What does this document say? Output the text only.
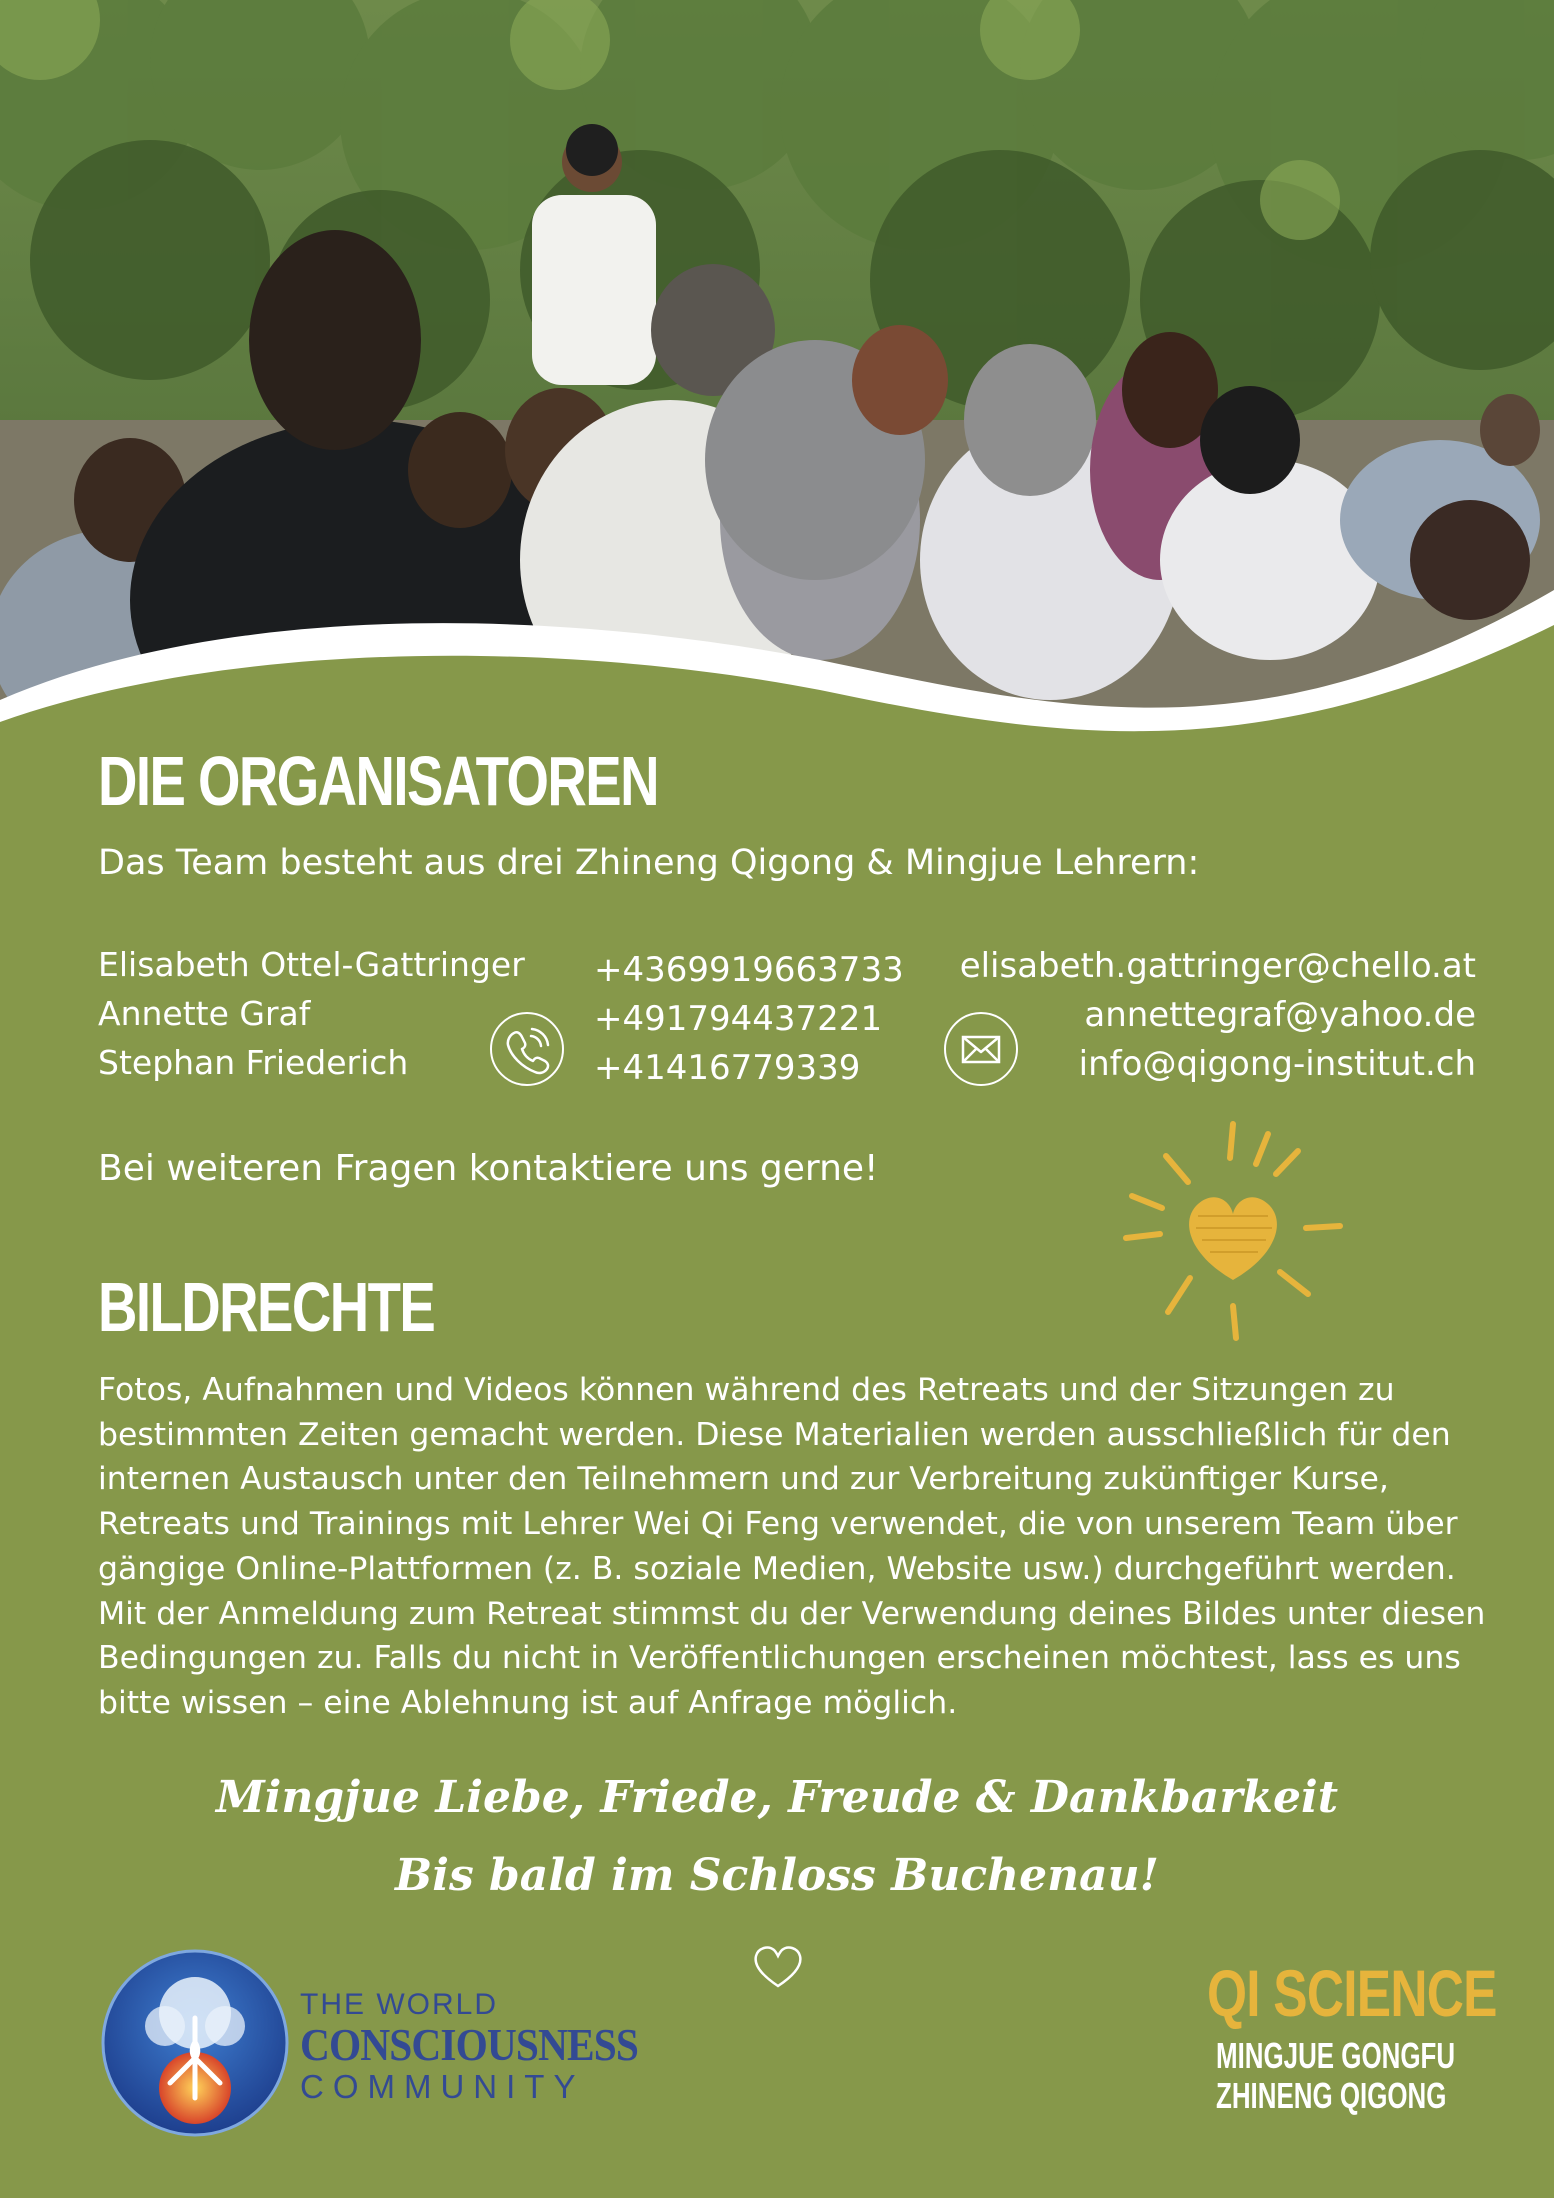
DIE ORGANISATOREN
Das Team besteht aus drei Zhineng Qigong & Mingjue Lehrern:
Elisabeth Ottel-Gattringer
Annette Graf
Stephan Friederich
+4369919663733
+491794437221
+41416779339
elisabeth.gattringer@chello.at
annettegraf@yahoo.de
info@qigong-institut.ch
Bei weiteren Fragen kontaktiere uns gerne!
BILDRECHTE

Fotos, Aufnahmen und Videos können während des Retreats und der Sitzungen zu bestimmten Zeiten gemacht werden. Diese Materialien werden ausschließlich für den internen Austausch unter den Teilnehmern und zur Verbreitung zukünftiger Kurse, Retreats und Trainings mit Lehrer Wei Qi Feng verwendet, die von unserem Team über gängige Online-Plattformen (z. B. soziale Medien, Website usw.) durchgeführt werden. Mit der Anmeldung zum Retreat stimmst du der Verwendung deines Bildes unter diesen Bedingungen zu. Falls du nicht in Veröffentlichungen erscheinen möchtest, lass es uns bitte wissen – eine Ablehnung ist auf Anfrage möglich.

Mingjue Liebe, Friede, Freude & Dankbarkeit
Bis bald im Schloss Buchenau!
THE WORLD
CONSCIOUSNESS
COMMUNITY
QI SCIENCE
MINGJUE GONGFU
ZHINENG QIGONG
